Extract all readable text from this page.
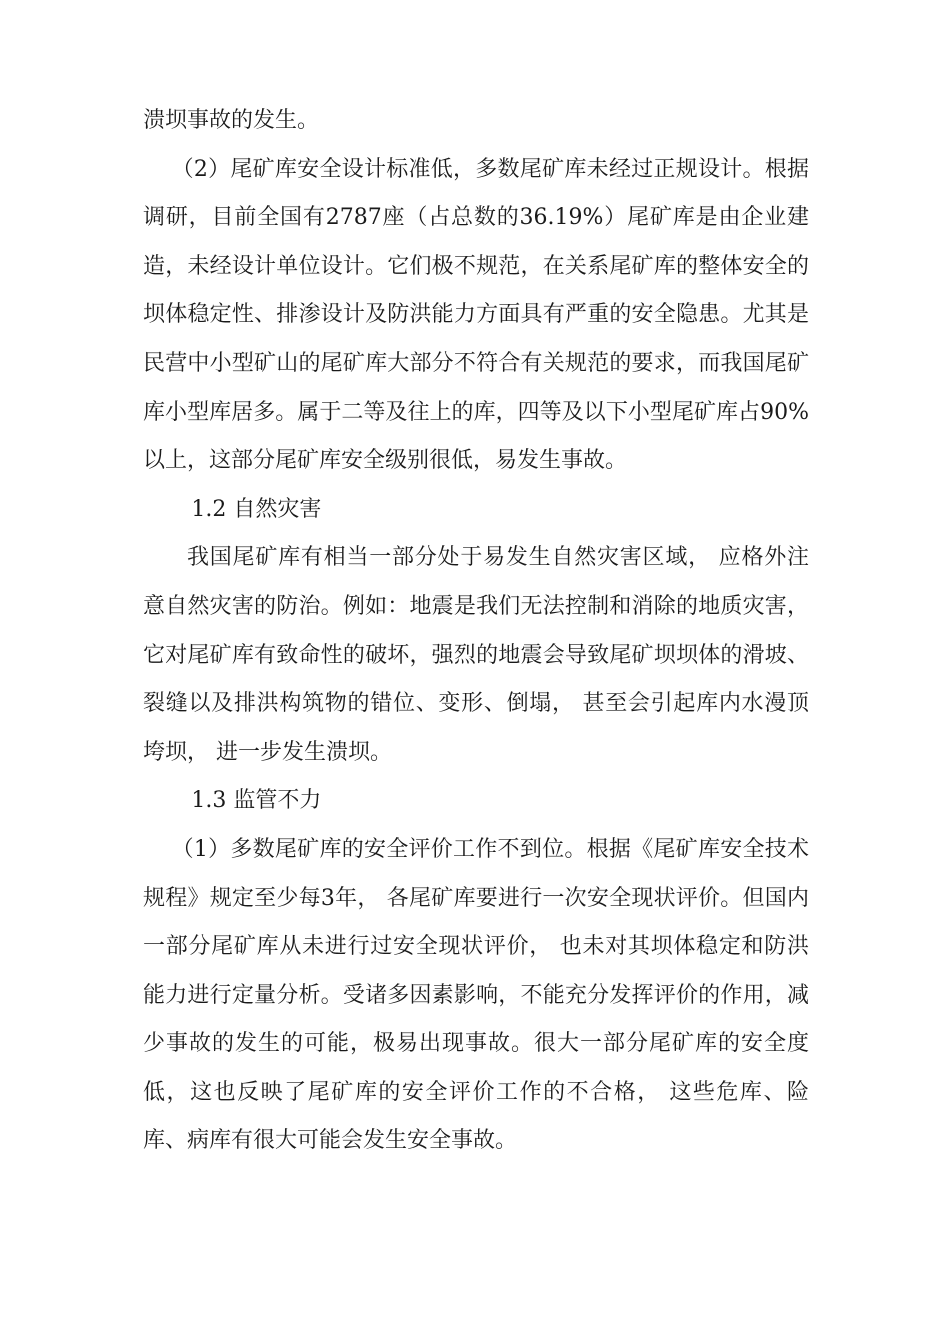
溃坝事故的发生。

（2）尾矿库安全设计标准低，多数尾矿库未经过正规设计。根据调研，目前全国有2787座（占总数的36.19%）尾矿库是由企业建造，未经设计单位设计。它们极不规范，在关系尾矿库的整体安全的坝体稳定性、排渗设计及防洪能力方面具有严重的安全隐患。尤其是民营中小型矿山的尾矿库大部分不符合有关规范的要求，而我国尾矿库小型库居多。属于二等及往上的库，四等及以下小型尾矿库占90%以上，这部分尾矿库安全级别很低，易发生事故。

1.2 自然灾害

我国尾矿库有相当一部分处于易发生自然灾害区域， 应格外注意自然灾害的防治。例如：地震是我们无法控制和消除的地质灾害，它对尾矿库有致命性的破坏，强烈的地震会导致尾矿坝坝体的滑坡、裂缝以及排洪构筑物的错位、变形、倒塌， 甚至会引起库内水漫顶垮坝， 进一步发生溃坝。

1.3 监管不力

（1）多数尾矿库的安全评价工作不到位。根据《尾矿库安全技术规程》规定至少每3年， 各尾矿库要进行一次安全现状评价。但国内一部分尾矿库从未进行过安全现状评价， 也未对其坝体稳定和防洪能力进行定量分析。受诸多因素影响，不能充分发挥评价的作用，减少事故的发生的可能，极易出现事故。很大一部分尾矿库的安全度低，这也反映了尾矿库的安全评价工作的不合格， 这些危库、险库、病库有很大可能会发生安全事故。
